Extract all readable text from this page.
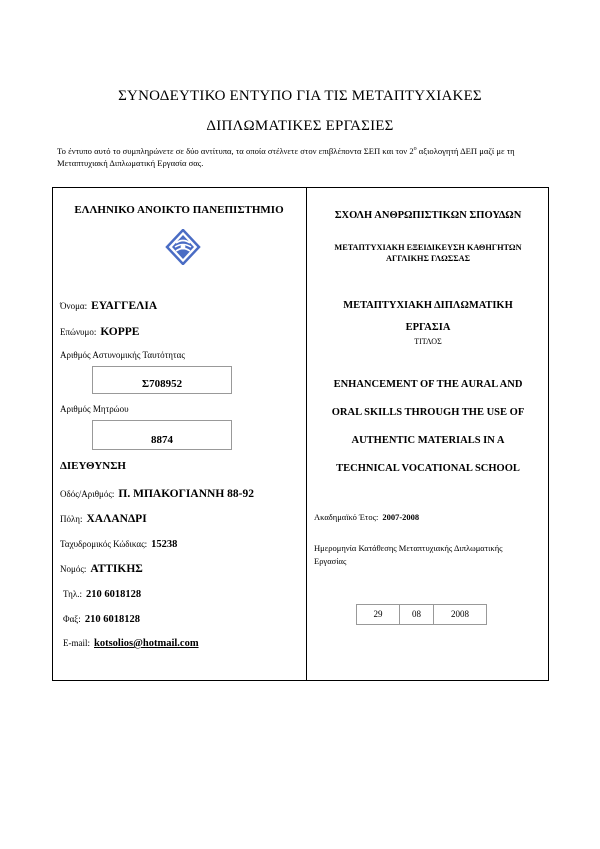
ΣΥΝΟΔΕΥΤΙΚΟ ΕΝΤΥΠΟ ΓΙΑ ΤΙΣ ΜΕΤΑΠΤΥΧΙΑΚΕΣ
ΔΙΠΛΩΜΑΤΙΚΕΣ ΕΡΓΑΣΙΕΣ
Το έντυπο αυτό το συμπληρώνετε σε δύο αντίτυπα, τα οποία στέλνετε στον επιβλέποντα ΣΕΠ και τον $2^o$ αξιολογητή ΔΕΠ μαζί με τη Μεταπτυχιακή Διπλωματική Εργασία σας.
ΕΛΛΗΝΙΚΟ ΑΝΟΙΚΤΟ ΠΑΝΕΠΙΣΤΗΜΙΟ
Όνομα: ΕΥΑΓΓΕΛΙΑ
Επώνυμο: ΚΟΡΡΕ
Αριθμός Αστυνομικής Ταυτότητας
Σ708952
Αριθμός Μητρώου
8874
ΔΙΕΥΘΥΝΣΗ
Οδός/Αριθμός: Π. ΜΠΑΚΟΓΙΑΝΝΗ 88-92
Πόλη: ΧΑΛΑΝΔΡΙ
Ταχυδρομικός Κώδικας: 15238
Νομός: ΑΤΤΙΚΗΣ
Τηλ.: 210 6018128
Φαξ: 210 6018128
E-mail: kotsolios@hotmail.com
ΣΧΟΛΗ ΑΝΘΡΩΠΙΣΤΙΚΩΝ ΣΠΟΥΔΩΝ
ΜΕΤΑΠΤΥΧΙΑΚΗ ΕΞΕΙΔΙΚΕΥΣΗ ΚΑΘΗΓΗΤΩΝ
ΑΓΓΛΙΚΗΣ ΓΛΩΣΣΑΣ
ΜΕΤΑΠΤΥΧΙΑΚΗ ΔΙΠΛΩΜΑΤΙΚΗ
ΕΡΓΑΣΙΑ
ΤΙΤΛΟΣ
ENHANCEMENT OF THE AURAL AND
ORAL SKILLS THROUGH THE USE OF
AUTHENTIC MATERIALS IN A
TECHNICAL VOCATIONAL SCHOOL
Ακαδημαϊκό Έτος: 2007-2008
Ημερομηνία Κατάθεσης Μεταπτυχιακής Διπλωματικής
Εργασίας
29	08	2008
